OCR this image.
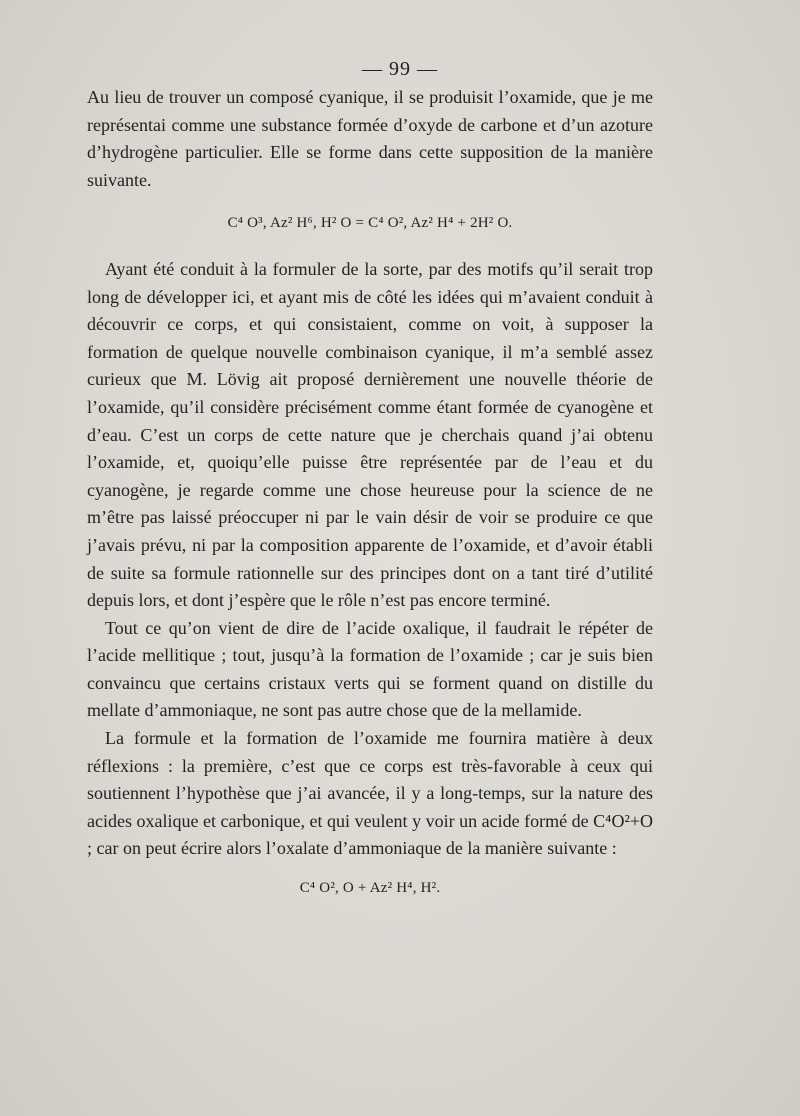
— 99 —

Au lieu de trouver un composé cyanique, il se produisit l’oxamide, que je me représentai comme une substance formée d’oxyde de carbone et d’un azoture d’hydrogène particulier. Elle se forme dans cette supposition de la manière suivante.

C⁴ O³, Az² H⁶, H² O = C⁴ O², Az² H⁴ + 2H² O.

Ayant été conduit à la formuler de la sorte, par des motifs qu’il serait trop long de développer ici, et ayant mis de côté les idées qui m’avaient conduit à découvrir ce corps, et qui consistaient, comme on voit, à supposer la formation de quelque nouvelle combinaison cyanique, il m’a semblé assez curieux que M. Lövig ait proposé dernièrement une nouvelle théorie de l’oxamide, qu’il considère précisément comme étant formée de cyanogène et d’eau. C’est un corps de cette nature que je cherchais quand j’ai obtenu l’oxamide, et, quoiqu’elle puisse être représentée par de l’eau et du cyanogène, je regarde comme une chose heureuse pour la science de ne m’être pas laissé préoccuper ni par le vain désir de voir se produire ce que j’avais prévu, ni par la composition apparente de l’oxamide, et d’avoir établi de suite sa formule rationnelle sur des principes dont on a tant tiré d’utilité depuis lors, et dont j’espère que le rôle n’est pas encore terminé.

Tout ce qu’on vient de dire de l’acide oxalique, il faudrait le répéter de l’acide mellitique ; tout, jusqu’à la formation de l’oxamide ; car je suis bien convaincu que certains cristaux verts qui se forment quand on distille du mellate d’ammoniaque, ne sont pas autre chose que de la mellamide.

La formule et la formation de l’oxamide me fournira matière à deux réflexions : la première, c’est que ce corps est très-favorable à ceux qui soutiennent l’hypothèse que j’ai avancée, il y a long-temps, sur la nature des acides oxalique et carbonique, et qui veulent y voir un acide formé de C⁴O²+O ; car on peut écrire alors l’oxalate d’ammoniaque de la manière suivante :

C⁴ O², O + Az² H⁴, H².
